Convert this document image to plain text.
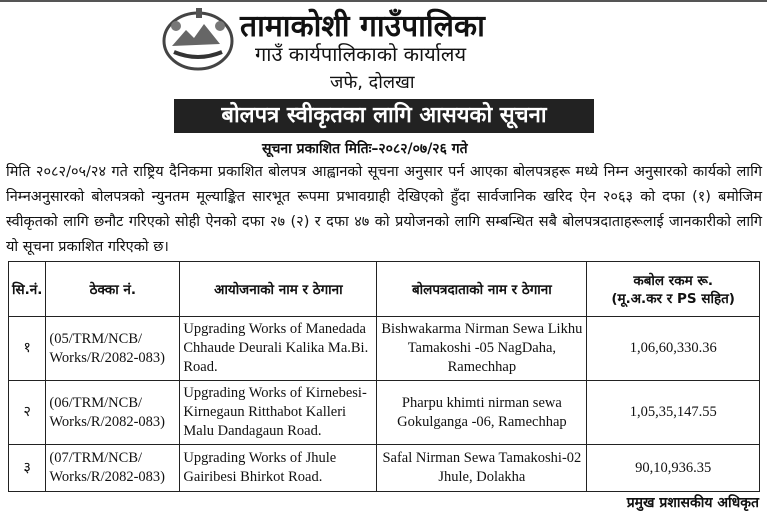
तामाकोशी गाउँपालिका
गाउँ कार्यपालिकाको कार्यालय
जफे, दोलखा
बोलपत्र स्वीकृतका लागि आसयको सूचना
सूचना प्रकाशित मितिः–२०८२/०७/२६ गते
मिति २०८२/०५/२४ गते राष्ट्रिय दैनिकमा प्रकाशित बोलपत्र आह्वानको सूचना अनुसार पर्न आएका बोलपत्रहरू मध्ये निम्न अनुसारको कार्यको लागि निम्नअनुसारको बोलपत्रको न्युनतम मूल्याङ्कित सारभूत रूपमा प्रभावग्राही देखिएको हुँदा सार्वजानिक खरिद ऐन २०६३ को दफा (१) बमोजिम स्वीकृतको लागि छनौट गरिएको सोही ऐनको दफा २७ (२) र दफा ४७ को प्रयोजनको लागि सम्बन्धित सबै बोलपत्रदाताहरूलाई जानकारीको लागि यो सूचना प्रकाशित गरिएको छ।
सि.नं.	ठेक्का नं.	आयोजनाको नाम र ठेगाना	बोलपत्रदाताको नाम र ठेगाना	कबोल रकम रू.
(मू.अ.कर र PS सहित)
१	(05/TRM/NCB/ Works/R/2082-083)	Upgrading Works of Manedada Chhaude Deurali Kalika Ma.Bi. Road.	Bishwakarma Nirman Sewa Likhu Tamakoshi -05 NagDaha, Ramechhap	1,06,60,330.36
२	(06/TRM/NCB/ Works/R/2082-083)	Upgrading Works of Kirnebesi-Kirnegaun Ritthabot Kalleri Malu Dandagaun Road.	Pharpu khimti nirman sewa Gokulganga -06, Ramechhap	1,05,35,147.55
३	(07/TRM/NCB/ Works/R/2082-083)	Upgrading Works of Jhule Gairibesi Bhirkot Road.	Safal Nirman Sewa Tamakoshi-02 Jhule, Dolakha	90,10,936.35
प्रमुख प्रशासकीय अधिकृत
